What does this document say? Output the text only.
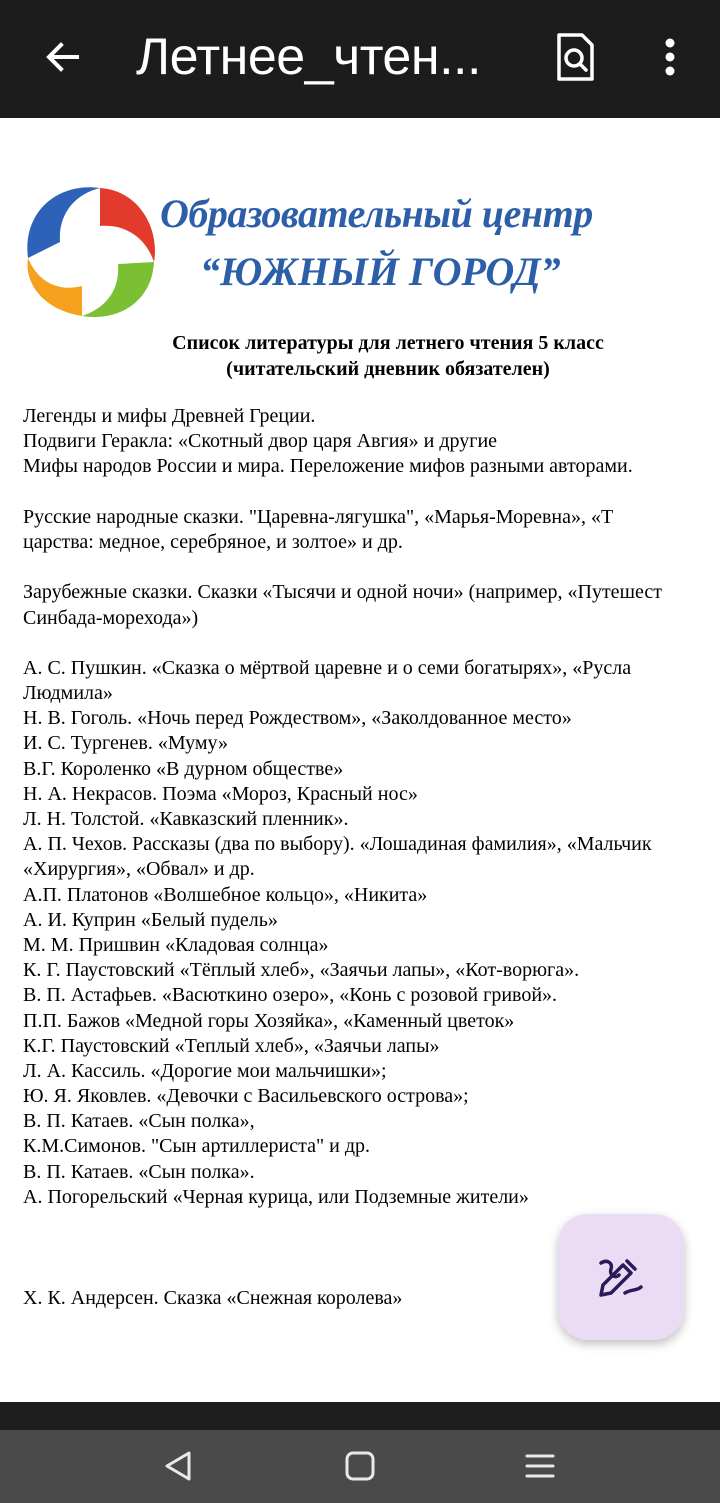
Летнее_чтен...
Образовательный центр
“ЮЖНЫЙ ГОРОД”
Список литературы для летнего чтения 5 класс
(читательский дневник обязателен)
Легенды и мифы Древней Греции.
Подвиги Геракла: «Скотный двор царя Авгия» и другие
Мифы народов России и мира. Переложение мифов разными авторами.
Русские народные сказки. "Царевна-лягушка", «Марья-Моревна», «Т
царства: медное, серебряное, и золтое» и др.
Зарубежные сказки. Сказки «Тысячи и одной ночи» (например, «Путешест
Синбада-морехода»)
А. С. Пушкин. «Сказка о мёртвой царевне и о семи богатырях», «Русла
Людмила»
Н. В. Гоголь. «Ночь перед Рождеством», «Заколдованное место»
И. С. Тургенев. «Муму»
В.Г. Короленко «В дурном обществе»
Н. А. Некрасов. Поэма «Мороз, Красный нос»
Л. Н. Толстой. «Кавказский пленник».
А. П. Чехов. Рассказы (два по выбору). «Лошадиная фамилия», «Мальчик
«Хирургия», «Обвал» и др.
А.П. Платонов «Волшебное кольцо», «Никита»
А. И. Куприн «Белый пудель»
М. М. Пришвин «Кладовая солнца»
К. Г. Паустовский «Тёплый хлеб», «Заячьи лапы», «Кот-ворюга».
В. П. Астафьев. «Васюткино озеро», «Конь с розовой гривой».
П.П. Бажов «Медной горы Хозяйка», «Каменный цветок»
К.Г. Паустовский «Теплый хлеб», «Заячьи лапы»
Л. А. Кассиль. «Дорогие мои мальчишки»;
Ю. Я. Яковлев. «Девочки с Васильевского острова»;
В. П. Катаев. «Сын полка»,
К.М.Симонов. "Сын артиллериста" и др.
В. П. Катаев. «Сын полка».
А. Погорельский «Черная курица, или Подземные жители»
Х. К. Андерсен. Сказка «Снежная королева»
